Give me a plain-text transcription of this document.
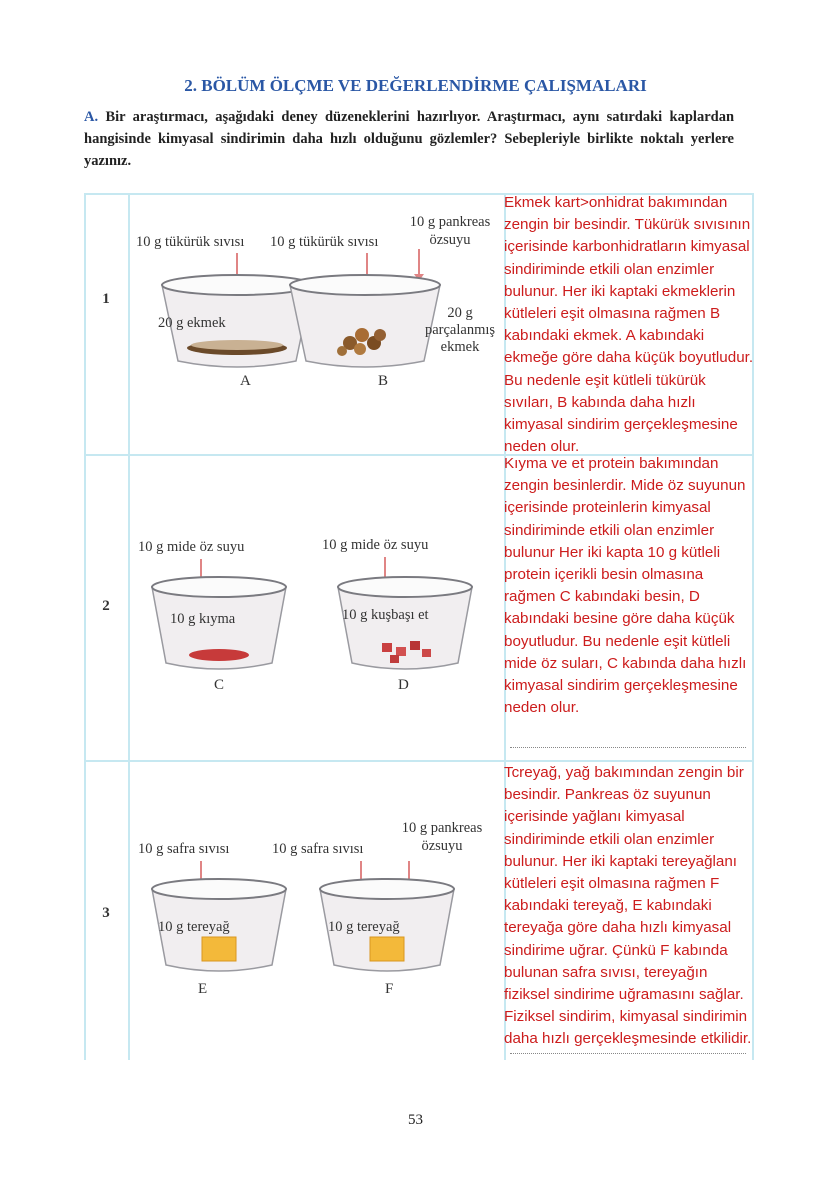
2. BÖLÜM ÖLÇME VE DEĞERLENDİRME ÇALIŞMALARI
A. Bir araştırmacı, aşağıdaki deney düzeneklerini hazırlıyor. Araştırmacı, aynı satırdaki kaplardan hangisinde kimyasal sindirimin daha hızlı olduğunu gözlemler? Sebepleriyle birlikte noktalı yerlere yazınız.
1
10 g tükürük sıvısı
20 g ekmek
A
10 g tükürük sıvısı
10 g pankreas özsuyu
20 g parçalanmış ekmek
B
Ekmek kart>onhidrat bakımından zengin bir besindir. Tükürük sıvısının içerisinde karbonhidratların kimyasal sindiriminde etkili olan enzimler bulunur. Her iki kaptaki ekmeklerin kütleleri eşit olmasına rağmen B kabındaki ekmek. A kabındaki ekmeğe göre daha küçük boyutludur. Bu nedenle eşit kütleli tükürük sıvıları, B kabında daha hızlı kimyasal sindirim gerçekleşmesine neden olur.
2
10 g mide öz suyu
10 g kıyma
C
10 g mide öz suyu
10 g kuşbaşı et
D
Kıyma ve et protein bakımından zengin besinlerdir. Mide öz suyunun içerisinde proteinlerin kimyasal sindiriminde etkili olan enzimler bulunur Her iki kapta 10 g kütleli protein içerikli besin olmasına rağmen C kabındaki besin, D kabındaki besine göre daha küçük boyutludur. Bu nedenle eşit kütleli mide öz suları, C kabında daha hızlı kimyasal sindirim gerçekleşmesine neden olur.
3
10 g safra sıvısı
10 g tereyağ
E
10 g safra sıvısı
10 g pankreas özsuyu
10 g tereyağ
F
Tcreyağ, yağ bakımından zengin bir besindir. Pankreas öz suyunun içerisinde yağlanı kimyasal sindiriminde etkili olan enzimler bulunur. Her iki kaptaki tereyağlanı kütleleri eşit olmasına rağmen F kabındaki tereyağ, E kabındaki tereyağa göre daha hızlı kimyasal sindirime uğrar. Çünkü F kabında bulunan safra sıvısı, tereyağın fiziksel sindirime uğramasını sağlar. Fiziksel sindirim, kimyasal sindirimin daha hızlı gerçekleşmesinde etkilidir.
53
